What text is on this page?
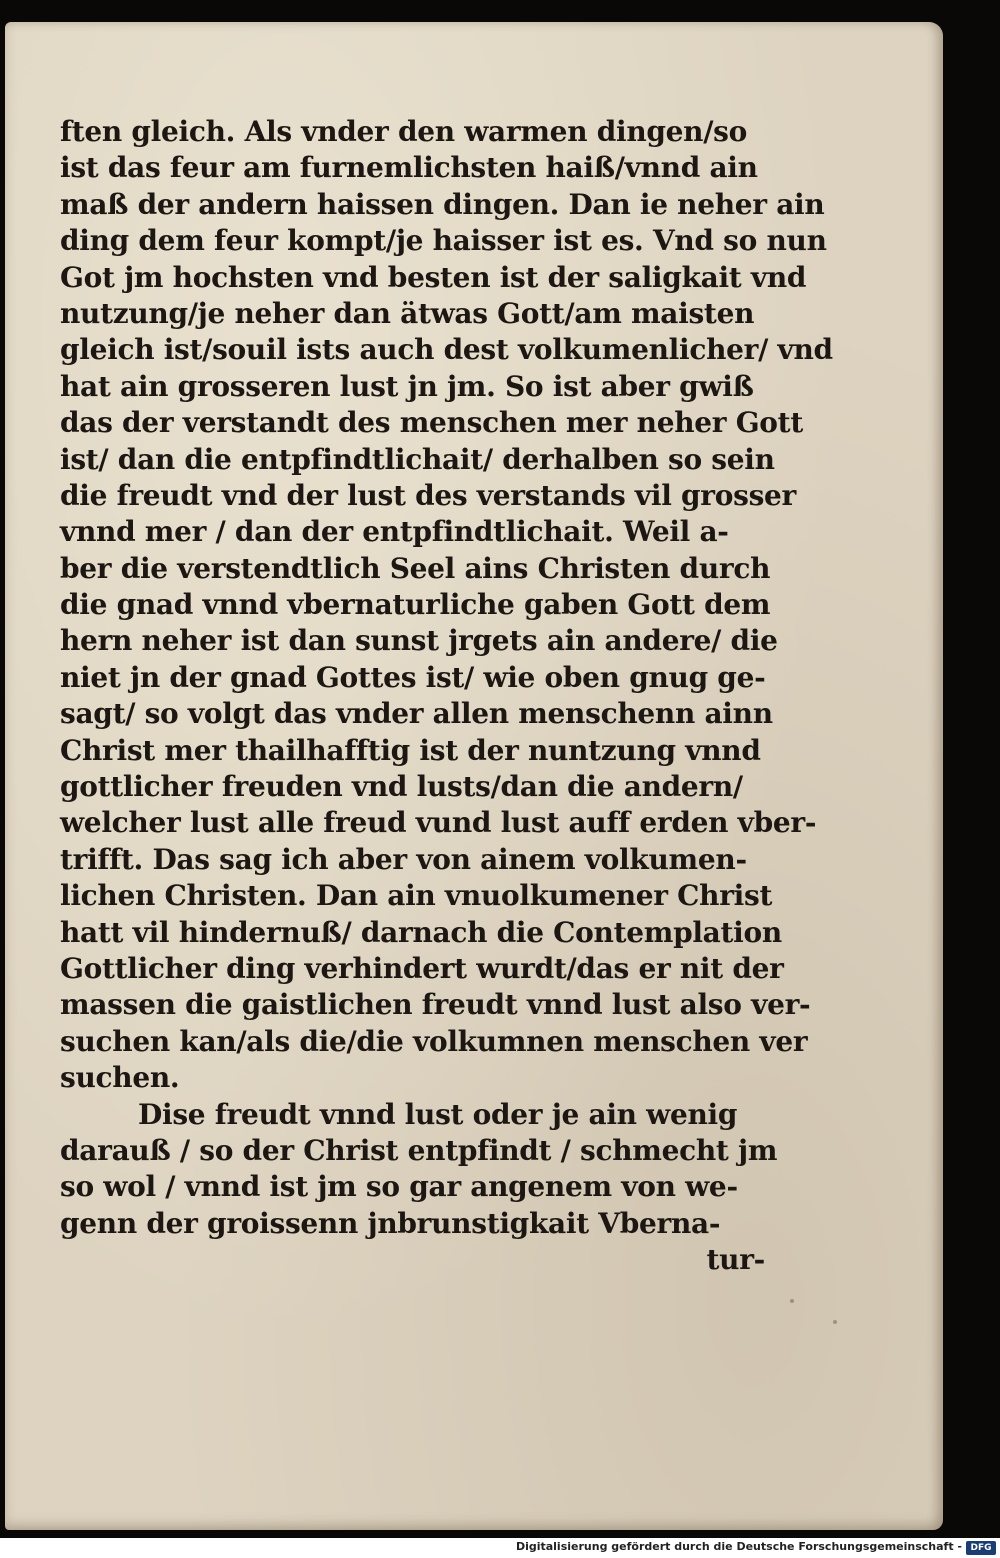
ften gleich. Als vnder den warmen dingen/so
ist das feur am furnemlichsten haiß/vnnd ain
maß der andern haissen dingen. Dan ie neher ain
ding dem feur kompt/je haisser ist es. Vnd so nun
Got jm hochsten vnd besten ist der saligkait vnd
nutzung/je neher dan ätwas Gott/am maisten
gleich ist/souil ists auch dest volkumenlicher/ vnd
hat ain grosseren lust jn jm. So ist aber gwiß
das der verstandt des menschen mer neher Gott
ist/ dan die entpfindtlichait/ derhalben so sein
die freudt vnd der lust des verstands vil grosser
vnnd mer / dan der entpfindtlichait. Weil a-
ber die verstendtlich Seel ains Christen durch
die gnad vnnd vbernaturliche gaben Gott dem
hern neher ist dan sunst jrgets ain andere/ die
niet jn der gnad Gottes ist/ wie oben gnug ge-
sagt/ so volgt das vnder allen menschenn ainn
Christ mer thailhafftig ist der nuntzung vnnd
gottlicher freuden vnd lusts/dan die andern/
welcher lust alle freud vund lust auff erden vber-
trifft. Das sag ich aber von ainem volkumen-
lichen Christen. Dan ain vnuolkumener Christ
hatt vil hindernuß/ darnach die Contemplation
Gottlicher ding verhindert wurdt/das er nit der
massen die gaistlichen freudt vnnd lust also ver-
suchen kan/als die/die volkumnen menschen ver
suchen.
Dise freudt vnnd lust oder je ain wenig
darauß / so der Christ entpfindt / schmecht jm
so wol / vnnd ist jm so gar angenem von we-
genn der groissenn jnbrunstigkait Vberna-
tur-
Digitalisierung gefördert durch die Deutsche Forschungsgemeinschaft - DFG
